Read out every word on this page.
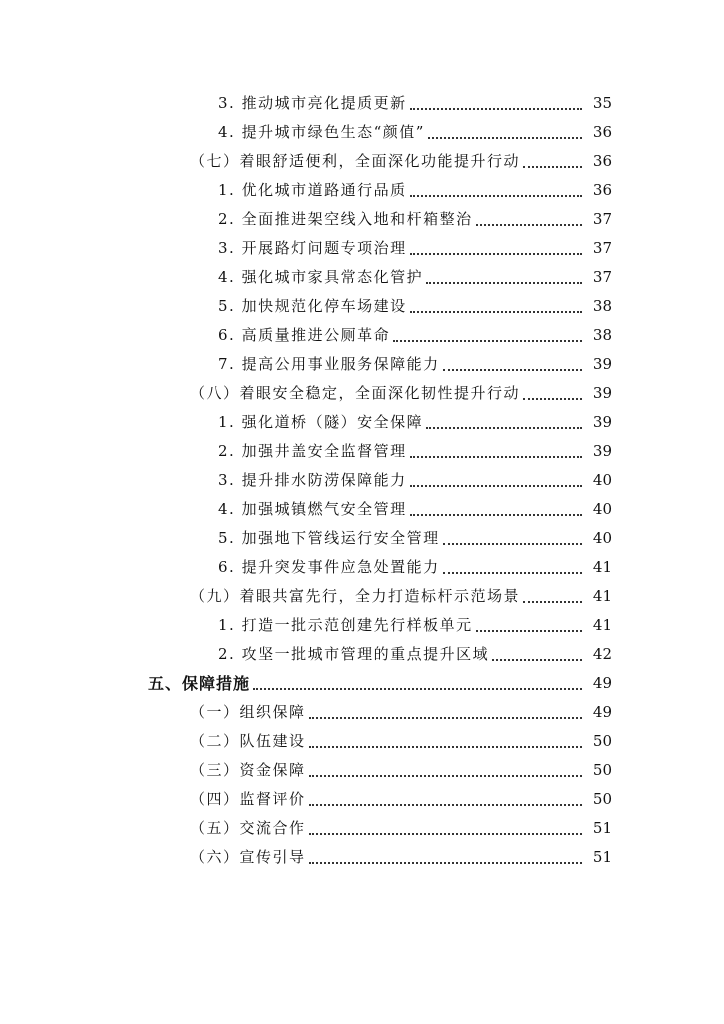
3. 推动城市亮化提质更新	35
4. 提升城市绿色生态“颜值”	36
（七）着眼舒适便利，全面深化功能提升行动	36
1. 优化城市道路通行品质	36
2. 全面推进架空线入地和杆箱整治	37
3. 开展路灯问题专项治理	37
4. 强化城市家具常态化管护	37
5. 加快规范化停车场建设	38
6. 高质量推进公厕革命	38
7. 提高公用事业服务保障能力	39
（八）着眼安全稳定，全面深化韧性提升行动	39
1. 强化道桥（隧）安全保障	39
2. 加强井盖安全监督管理	39
3. 提升排水防涝保障能力	40
4. 加强城镇燃气安全管理	40
5. 加强地下管线运行安全管理	40
6. 提升突发事件应急处置能力	41
（九）着眼共富先行，全力打造标杆示范场景	41
1. 打造一批示范创建先行样板单元	41
2. 攻坚一批城市管理的重点提升区域	42
五、保障措施	49
（一）组织保障	49
（二）队伍建设	50
（三）资金保障	50
（四）监督评价	50
（五）交流合作	51
（六）宣传引导	51
